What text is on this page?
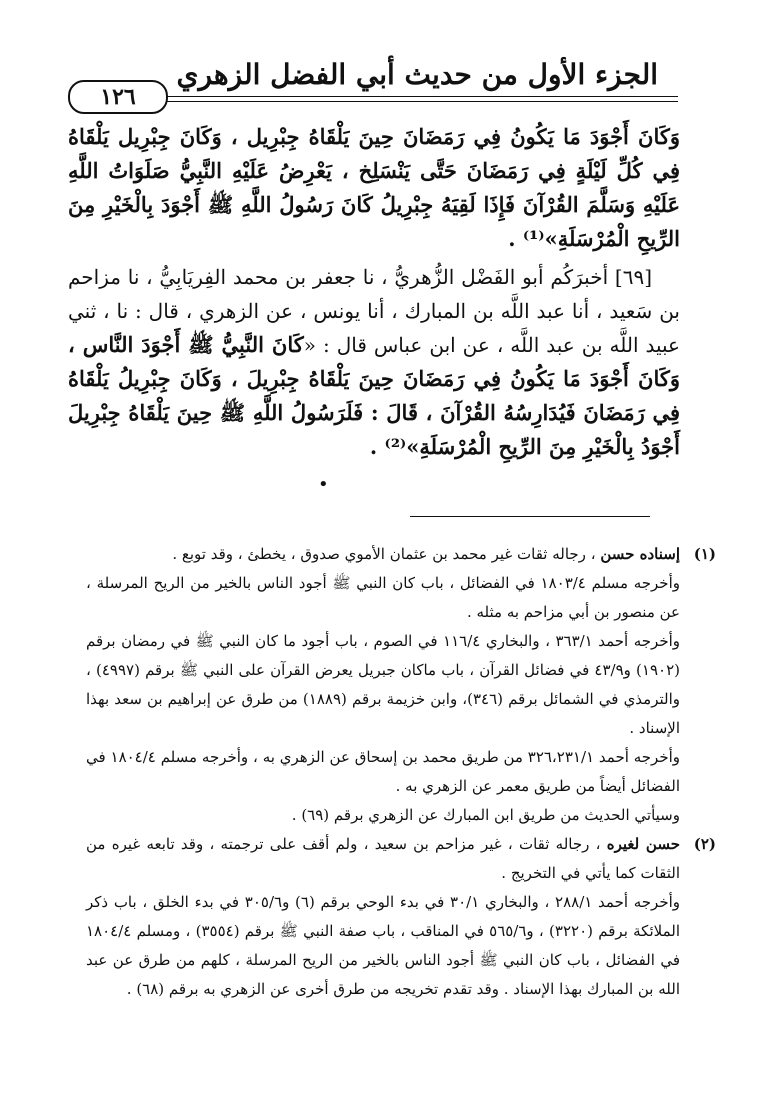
الجزء الأول من حديث أبي الفضل الزهري
١٢٦

وَكَانَ أَجْوَدَ مَا يَكُونُ فِي رَمَضَانَ حِينَ يَلْقَاهُ جِبْرِيل ، وَكَانَ جِبْرِيل يَلْقَاهُ فِي كُلِّ لَيْلَةٍ فِي رَمَضَانَ حَتَّى يَنْسَلِخ ، يَعْرِضُ عَلَيْهِ النَّبِيُّ صَلَوَاتُ اللَّهِ عَلَيْهِ وَسَلَّمَ القُرْآنَ فَإِذَا لَقِيَهُ جِبْرِيلُ كَانَ رَسُولُ اللَّهِ ﷺ أَجْوَدَ بِالْخَيْرِ مِنَ الرِّيحِ الْمُرْسَلَةِ»⁽¹⁾ .

[٦٩] أخبرَكُم أبو الفَضْل الزُّهريُّ ، نا جعفر بن محمد الفِريَابِيُّ ، نا مزاحم بن سَعيد ، أنا عبد اللَّه بن المبارك ، أنا يونس ، عن الزهري ، قال : نا ، ثني عبيد اللَّه بن عبد اللَّه ، عن ابن عباس قال : «كَانَ النَّبِيُّ ﷺ أَجْوَدَ النَّاس ، وَكَانَ أَجْوَدَ مَا يَكُونُ فِي رَمَضَانَ حِينَ يَلْقَاهُ جِبْرِيلَ ، وَكَانَ جِبْرِيلُ يَلْقَاهُ فِي رَمَضَانَ فَيُدَارِسُهُ القُرْآنَ ، قَالَ : فَلَرَسُولُ اللَّهِ ﷺ حِينَ يَلْقَاهُ جِبْرِيلَ أَجْوَدُ بِالْخَيْرِ مِنَ الرِّيحِ الْمُرْسَلَةِ»⁽²⁾ .

•
(١)

إسناده حسن ، رجاله ثقات غير محمد بن عثمان الأموي صدوق ، يخطئ ، وقد توبع .

وأخرجه مسلم ١٨٠٣/٤ في الفضائل ، باب كان النبي ﷺ أجود الناس بالخير من الريح المرسلة ، عن منصور بن أبي مزاحم به مثله .

وأخرجه أحمد ٣٦٣/١ ، والبخاري ١١٦/٤ في الصوم ، باب أجود ما كان النبي ﷺ في رمضان برقم (١٩٠٢) و٤٣/٩ في فضائل القرآن ، باب ماكان جبريل يعرض القرآن على النبي ﷺ برقم (٤٩٩٧) ، والترمذي في الشمائل برقم (٣٤٦)، وابن خزيمة برقم (١٨٨٩) من طرق عن إبراهيم بن سعد بهذا الإسناد .

وأخرجه أحمد ٣٢٦،٢٣١/١ من طريق محمد بن إسحاق عن الزهري به ، وأخرجه مسلم ١٨٠٤/٤ في الفضائل أيضاً من طريق معمر عن الزهري به .

وسيأتي الحديث من طريق ابن المبارك عن الزهري برقم (٦٩) .

(٢)

حسن لغيره ، رجاله ثقات ، غير مزاحم بن سعيد ، ولم أقف على ترجمته ، وقد تابعه غيره من الثقات كما يأتي في التخريج .

وأخرجه أحمد ٢٨٨/١ ، والبخاري ٣٠/١ في بدء الوحي برقم (٦) و٣٠٥/٦ في بدء الخلق ، باب ذكر الملائكة برقم (٣٢٢٠) ، و٥٦٥/٦ في المناقب ، باب صفة النبي ﷺ برقم (٣٥٥٤) ، ومسلم ١٨٠٤/٤ في الفضائل ، باب كان النبي ﷺ أجود الناس بالخير من الريح المرسلة ، كلهم من طرق عن عبد الله بن المبارك بهذا الإسناد . وقد تقدم تخريجه من طرق أخرى عن الزهري به برقم (٦٨) .
